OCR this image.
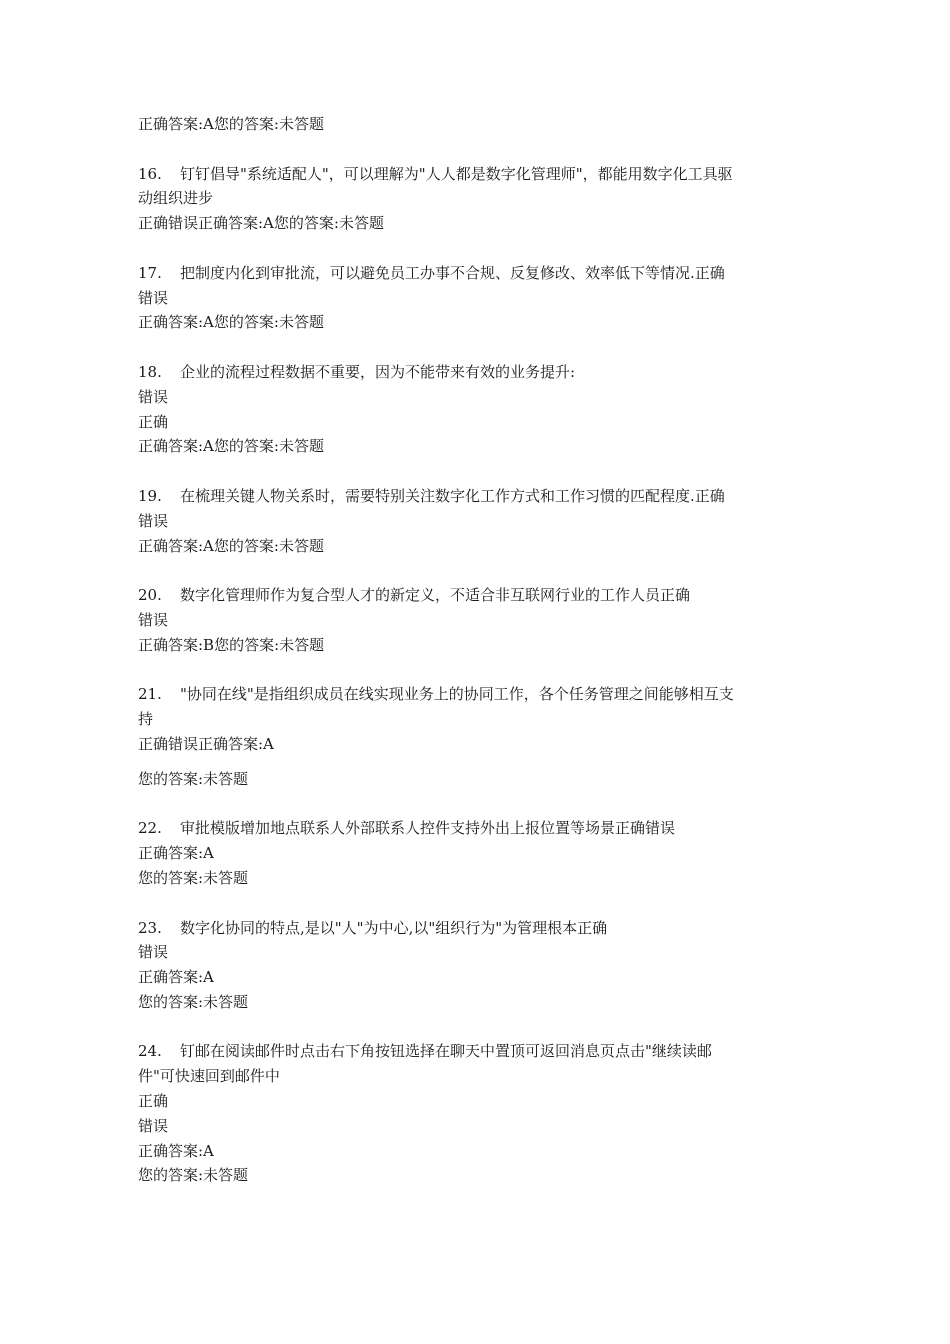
正确答案:A您的答案:未答题
16. 钉钉倡导"系统适配人"，可以理解为"人人都是数字化管理师"，都能用数字化工具驱
动组织进步
正确错误正确答案:A您的答案:未答题
17. 把制度内化到审批流，可以避免员工办事不合规、反复修改、效率低下等情况.正确
错误
正确答案:A您的答案:未答题
18. 企业的流程过程数据不重要，因为不能带来有效的业务提升:
错误
正确
正确答案:A您的答案:未答题
19. 在梳理关键人物关系时，需要特别关注数字化工作方式和工作习惯的匹配程度.正确
错误
正确答案:A您的答案:未答题
20. 数字化管理师作为复合型人才的新定义，不适合非互联网行业的工作人员正确
错误
正确答案:B您的答案:未答题
21. "协同在线"是指组织成员在线实现业务上的协同工作，各个任务管理之间能够相互支
持
正确错误正确答案:A
您的答案:未答题
22. 审批模版增加地点联系人外部联系人控件支持外出上报位置等场景正确错误
正确答案:A
您的答案:未答题
23. 数字化协同的特点,是以"人"为中心,以"组织行为"为管理根本正确
错误
正确答案:A
您的答案:未答题
24. 钉邮在阅读邮件时点击右下角按钮选择在聊天中置顶可返回消息页点击"继续读邮
件"可快速回到邮件中
正确
错误
正确答案:A
您的答案:未答题
